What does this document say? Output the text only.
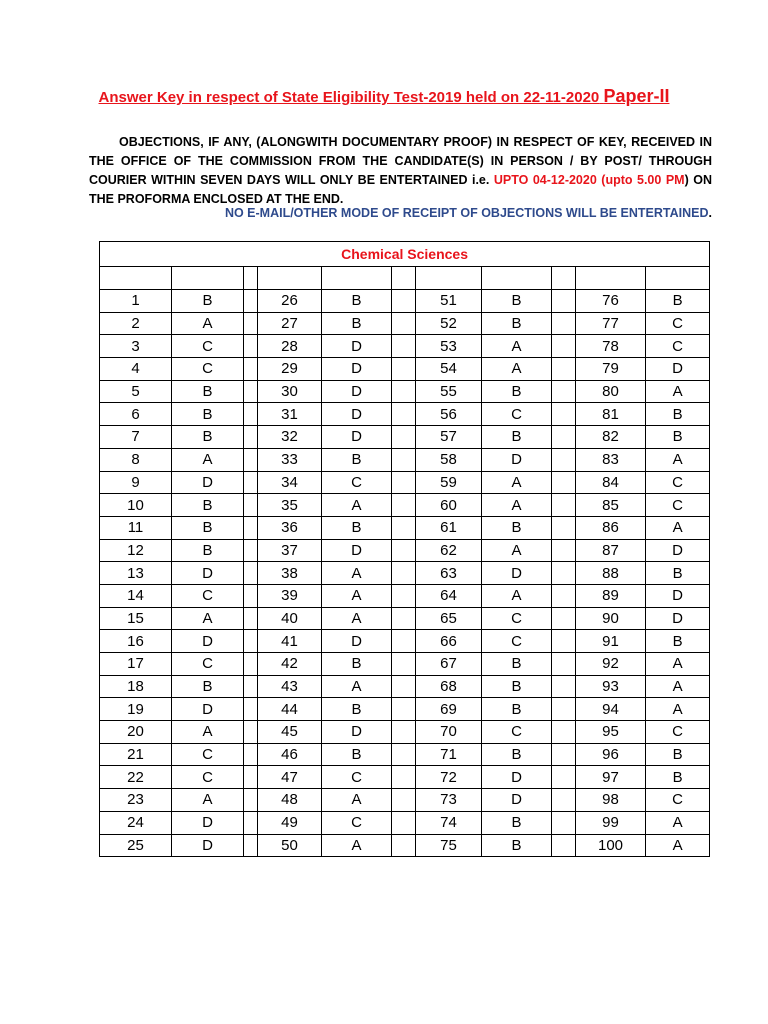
Answer Key in respect of State Eligibility Test-2019 held on 22-11-2020 Paper-II
OBJECTIONS, IF ANY, (ALONGWITH DOCUMENTARY PROOF) IN RESPECT OF KEY, RECEIVED IN THE OFFICE OF THE COMMISSION FROM THE CANDIDATE(S) IN PERSON / BY POST/ THROUGH COURIER WITHIN SEVEN DAYS WILL ONLY BE ENTERTAINED i.e. UPTO 04-12-2020 (upto 5.00 PM) ON THE PROFORMA ENCLOSED AT THE END.
NO E-MAIL/OTHER MODE OF RECEIPT OF OBJECTIONS WILL BE ENTERTAINED.
Chemical Sciences										

1	B		26	B		51	B		76	B
2	A		27	B		52	B		77	C
3	C		28	D		53	A		78	C
4	C		29	D		54	A		79	D
5	B		30	D		55	B		80	A
6	B		31	D		56	C		81	B
7	B		32	D		57	B		82	B
8	A		33	B		58	D		83	A
9	D		34	C		59	A		84	C
10	B		35	A		60	A		85	C
11	B		36	B		61	B		86	A
12	B		37	D		62	A		87	D
13	D		38	A		63	D		88	B
14	C		39	A		64	A		89	D
15	A		40	A		65	C		90	D
16	D		41	D		66	C		91	B
17	C		42	B		67	B		92	A
18	B		43	A		68	B		93	A
19	D		44	B		69	B		94	A
20	A		45	D		70	C		95	C
21	C		46	B		71	B		96	B
22	C		47	C		72	D		97	B
23	A		48	A		73	D		98	C
24	D		49	C		74	B		99	A
25	D		50	A		75	B		100	A
